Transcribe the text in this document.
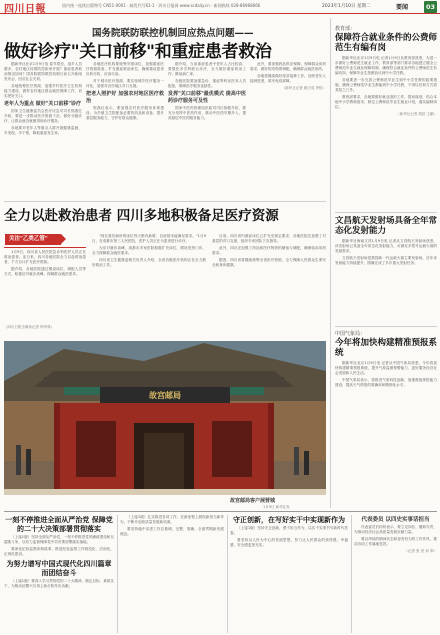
四川日報	国内统一连续出版物号 CN51-0001 · 邮发代号61-1 · 四川日报网 www.scdaily.cn · 新闻热线 028-86968666	2023年1月10日 星期二	要闻	03
国务院联防联控机制回应热点问题——
做好诊疗"关口前移"和重症患者救治

据新华社北京1月9日电 春节将至，返乡人员增多，农村地区疫情防控如何开展？重症患者救治情况如何？国务院联防联控机制日前召开新闻发布会，回应社会关切。

各地统筹医疗资源，加强乡村医疗卫生机构能力建设，做好农村地区群众就医保障工作，切实把好关口。

老年人为重点 做好"关口前移"诊疗

国家卫生健康委员会医疗应急司司长郭燕红介绍，要进一步推动医疗资源下沉，做好分级诊疗，让群众就近就便得到诊疗服务。

各地要对老年人等重点人群开展健康监测，早发现、早干预，降低重症发生率。

各地医疗机构要统筹安排床位，加强重症医疗资源准备，扩充重症救治床位，确保重症患者应收尽收、应治尽治。

对于城市医疗资源，要实现城乡医疗服务一体化，加强对农村地区对口支援。

把老人照护好 加强农村地区医疗救治

郭燕红表示，要加强农村医疗服务体系建设，为乡镇卫生院配备必要的药品和设备，提升基层服务能力，守护好群众健康。

据介绍，当前重症患者中老年人占比较高，要强化多学科联合诊疗，全力做好重症救治工作，降低病亡率。

各级医院要加强急诊、重症等科室医务人员配备，保障医疗服务连续性。

发挥"关口前移"最优模式 提高中医药诊疗服务可及性

国家中医药管理局医政司司长蒋健介绍，要充分发挥中医药作用，推动中医药早期介入，提高基层中医药服务能力。

此外，要加强药品供应保障，保障群众用药需求，做好防疫物资调配，确保群众就医用药。

各地将继续做好疫苗接种工作，加快老年人接种进度，筑牢免疫屏障。

（新华社记者 顾天成 李恒）
全力以赴救治患者 四川多地积极备足医疗资源
关注"乙类乙管"

1月9日，四川省人民医院急诊科医护人员正在救治患者。连日来，四川各地医院全力以赴救治患者，千方百计扩充医疗资源。

据介绍，各地医院通过增设床位、调配人员等方式，积极应对就诊高峰，保障群众就医需求。

（四川日报全媒体记者 钟华林）

"现在我们病房的床位每天都有新增，目前基本能满足需求。"1月9日，在成都市第三人民医院，医护人员正在为患者进行诊疗。

为应对就诊高峰，成都市多家医院积极扩充床位，增设发热门诊，全力保障群众就医需求。

四川省卫生健康委相关负责人介绍，全省各级医疗机构正在全力做好救治工作。

目前，四川省内重症床位已扩充至规定要求，各地医院还加强了对基层的对口支援，组织专家团队下沉指导。

此外，四川还加强了药品和医疗物资的储备与调配，确保临床用药需求。

据悉，四川省将继续统筹全省医疗资源，全力保障人民群众生命安全和身体健康。

故宫邮局
故宫邮局客户展营城
1月9日 新华社发
教育部：
保障符合就业条件的公费师范生有编有岗

据新华社北京1月9日电 记者1月9日从教育部获悉，为进一步做好公费师范生就业工作，教育部等部门要求各地建立健全公费师范毕业生就业保障机制，确保符合就业条件的公费师范生有编有岗，保障毕业生按照协议到中小学任教。

各地要进一步完善公费师范毕业生到中小学任教的政策措施，确保公费师范毕业生都能到中小学任教，不得以任何方式将其拒之门外。

教育部要求，各地要做好就业组织工作，提前谋划，结合本地中小学教师需求，制定公费师范毕业生就业计划，落实编制岗位。

（新华社记者 胡浩 王鹏）
文昌航天发射场具备全年常态化发射能力

据新华社海南文昌1月9日电 记者从文昌航天发射场获悉，该发射场已具备全年常态化发射能力，可满足多型号运载火箭的发射需求。

文昌航天发射场是我国新一代运载火箭主要发射场，近年来发射能力持续提升，圆满完成了多次重大发射任务。

中国气象局：
今年将加快构建精准预报系统

据新华社北京1月9日电 记者从中国气象局获悉，今年将加快构建精准预报系统，提升气象监测预警能力，更好服务经济社会发展和人民生活。

中国气象局表示，将推进气象科技创新，加强数值预报能力建设，提高天气预报的准确率和精细化水平。

一刻不停推进全面从严治党 保障党的二十大决策部署贯彻落实

（上接1版）坚持全面从严治党，一刻不停推进党风廉政建设和反腐败斗争，以有力监督保障党中央决策部署落实落地。

要深化纪检监察体制改革，推进纪检监察工作规范化、法治化、正规化建设。

为努力谱写中国式现代化四川篇章而团结奋斗

（上接1版）要深入学习贯彻党的二十大精神，锚定目标、真抓实干，为推动治蜀兴川再上新台阶作出贡献。

（上接1版）扎实推进各项工作，在新征程上展现新担当新作为，不断开创高质量发展新局面。

要坚持稳中求进工作总基调，完整、准确、全面贯彻新发展理念。

守正创新，在写好实干中实现新作为

（上接1版）坚持守正创新，勇于担当作为，以实干实绩书写新时代答卷。

要坚持以人民为中心的发展思想，努力让人民群众的获得感、幸福感、安全感更加充实。

代表委员 以四史实事话担当

代表委员们纷纷表示，要立足岗位、履职尽责，为推动经济社会高质量发展贡献力量。

要以昂扬的精神状态和奋发有为的工作作风，推动各项工作落地见效。

（记者 张 世 何 奉）
